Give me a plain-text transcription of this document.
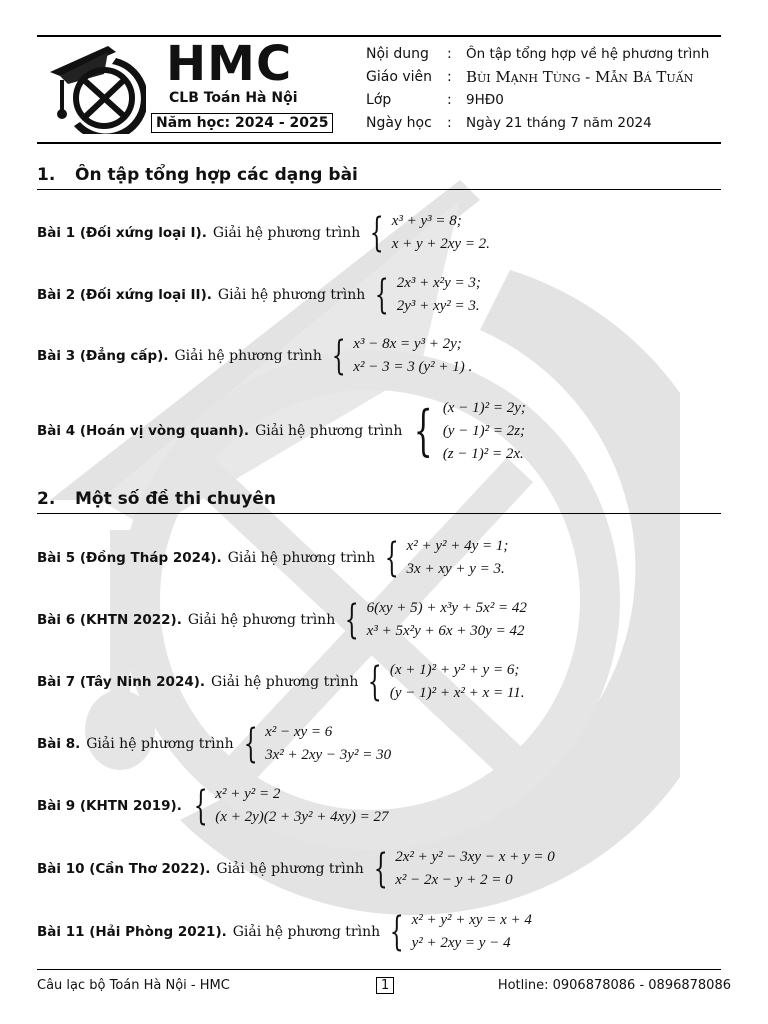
HMC
CLB Toán Hà Nội
Năm học: 2024 - 2025
Nội dung : Ôn tập tổng hợp về hệ phương trình
Giáo viên : Bùi Mạnh Tùng - Mẫn Bá Tuấn
Lớp	: 9HĐ0
Ngày học : Ngày 21 tháng 7 năm 2024
1. Ôn tập tổng hợp các dạng bài
Bài 1 (Đối xứng loại I). Giải hệ phương trình { x³ + y³ = 8;
x + y + 2xy = 2.
Bài 2 (Đối xứng loại II). Giải hệ phương trình { 2x³ + x²y = 3;
2y³ + xy² = 3.
Bài 3 (Đẳng cấp). Giải hệ phương trình { x³ − 8x = y³ + 2y;
x² − 3 = 3 (y² + 1) .
Bài 4 (Hoán vị vòng quanh). Giải hệ phương trình { (x − 1)² = 2y;
(y − 1)² = 2z;
(z − 1)² = 2x.
Bài 5 (Đồng Tháp 2024). Giải hệ phương trình { x² + y² + 4y = 1;
3x + xy + y = 3.
Bài 6 (KHTN 2022). Giải hệ phương trình { 6(xy + 5) + x³y + 5x² = 42
x³ + 5x²y + 6x + 30y = 42
Bài 7 (Tây Ninh 2024). Giải hệ phương trình { (x + 1)² + y² + y = 6;
(y − 1)² + x² + x = 11.
Bài 8. Giải hệ phương trình { x² − xy = 6
3x² + 2xy − 3y² = 30
Bài 9 (KHTN 2019). { x² + y² = 2
(x + 2y)(2 + 3y² + 4xy) = 27
Bài 10 (Cần Thơ 2022). Giải hệ phương trình { 2x² + y² − 3xy − x + y = 0
x² − 2x − y + 2 = 0
Bài 11 (Hải Phòng 2021). Giải hệ phương trình { x² + y² + xy = x + 4
y² + 2xy = y − 4
2. Một số đề thi chuyên
Câu lạc bộ Toán Hà Nội - HMC	1	Hotline: 0906878086 - 0896878086
